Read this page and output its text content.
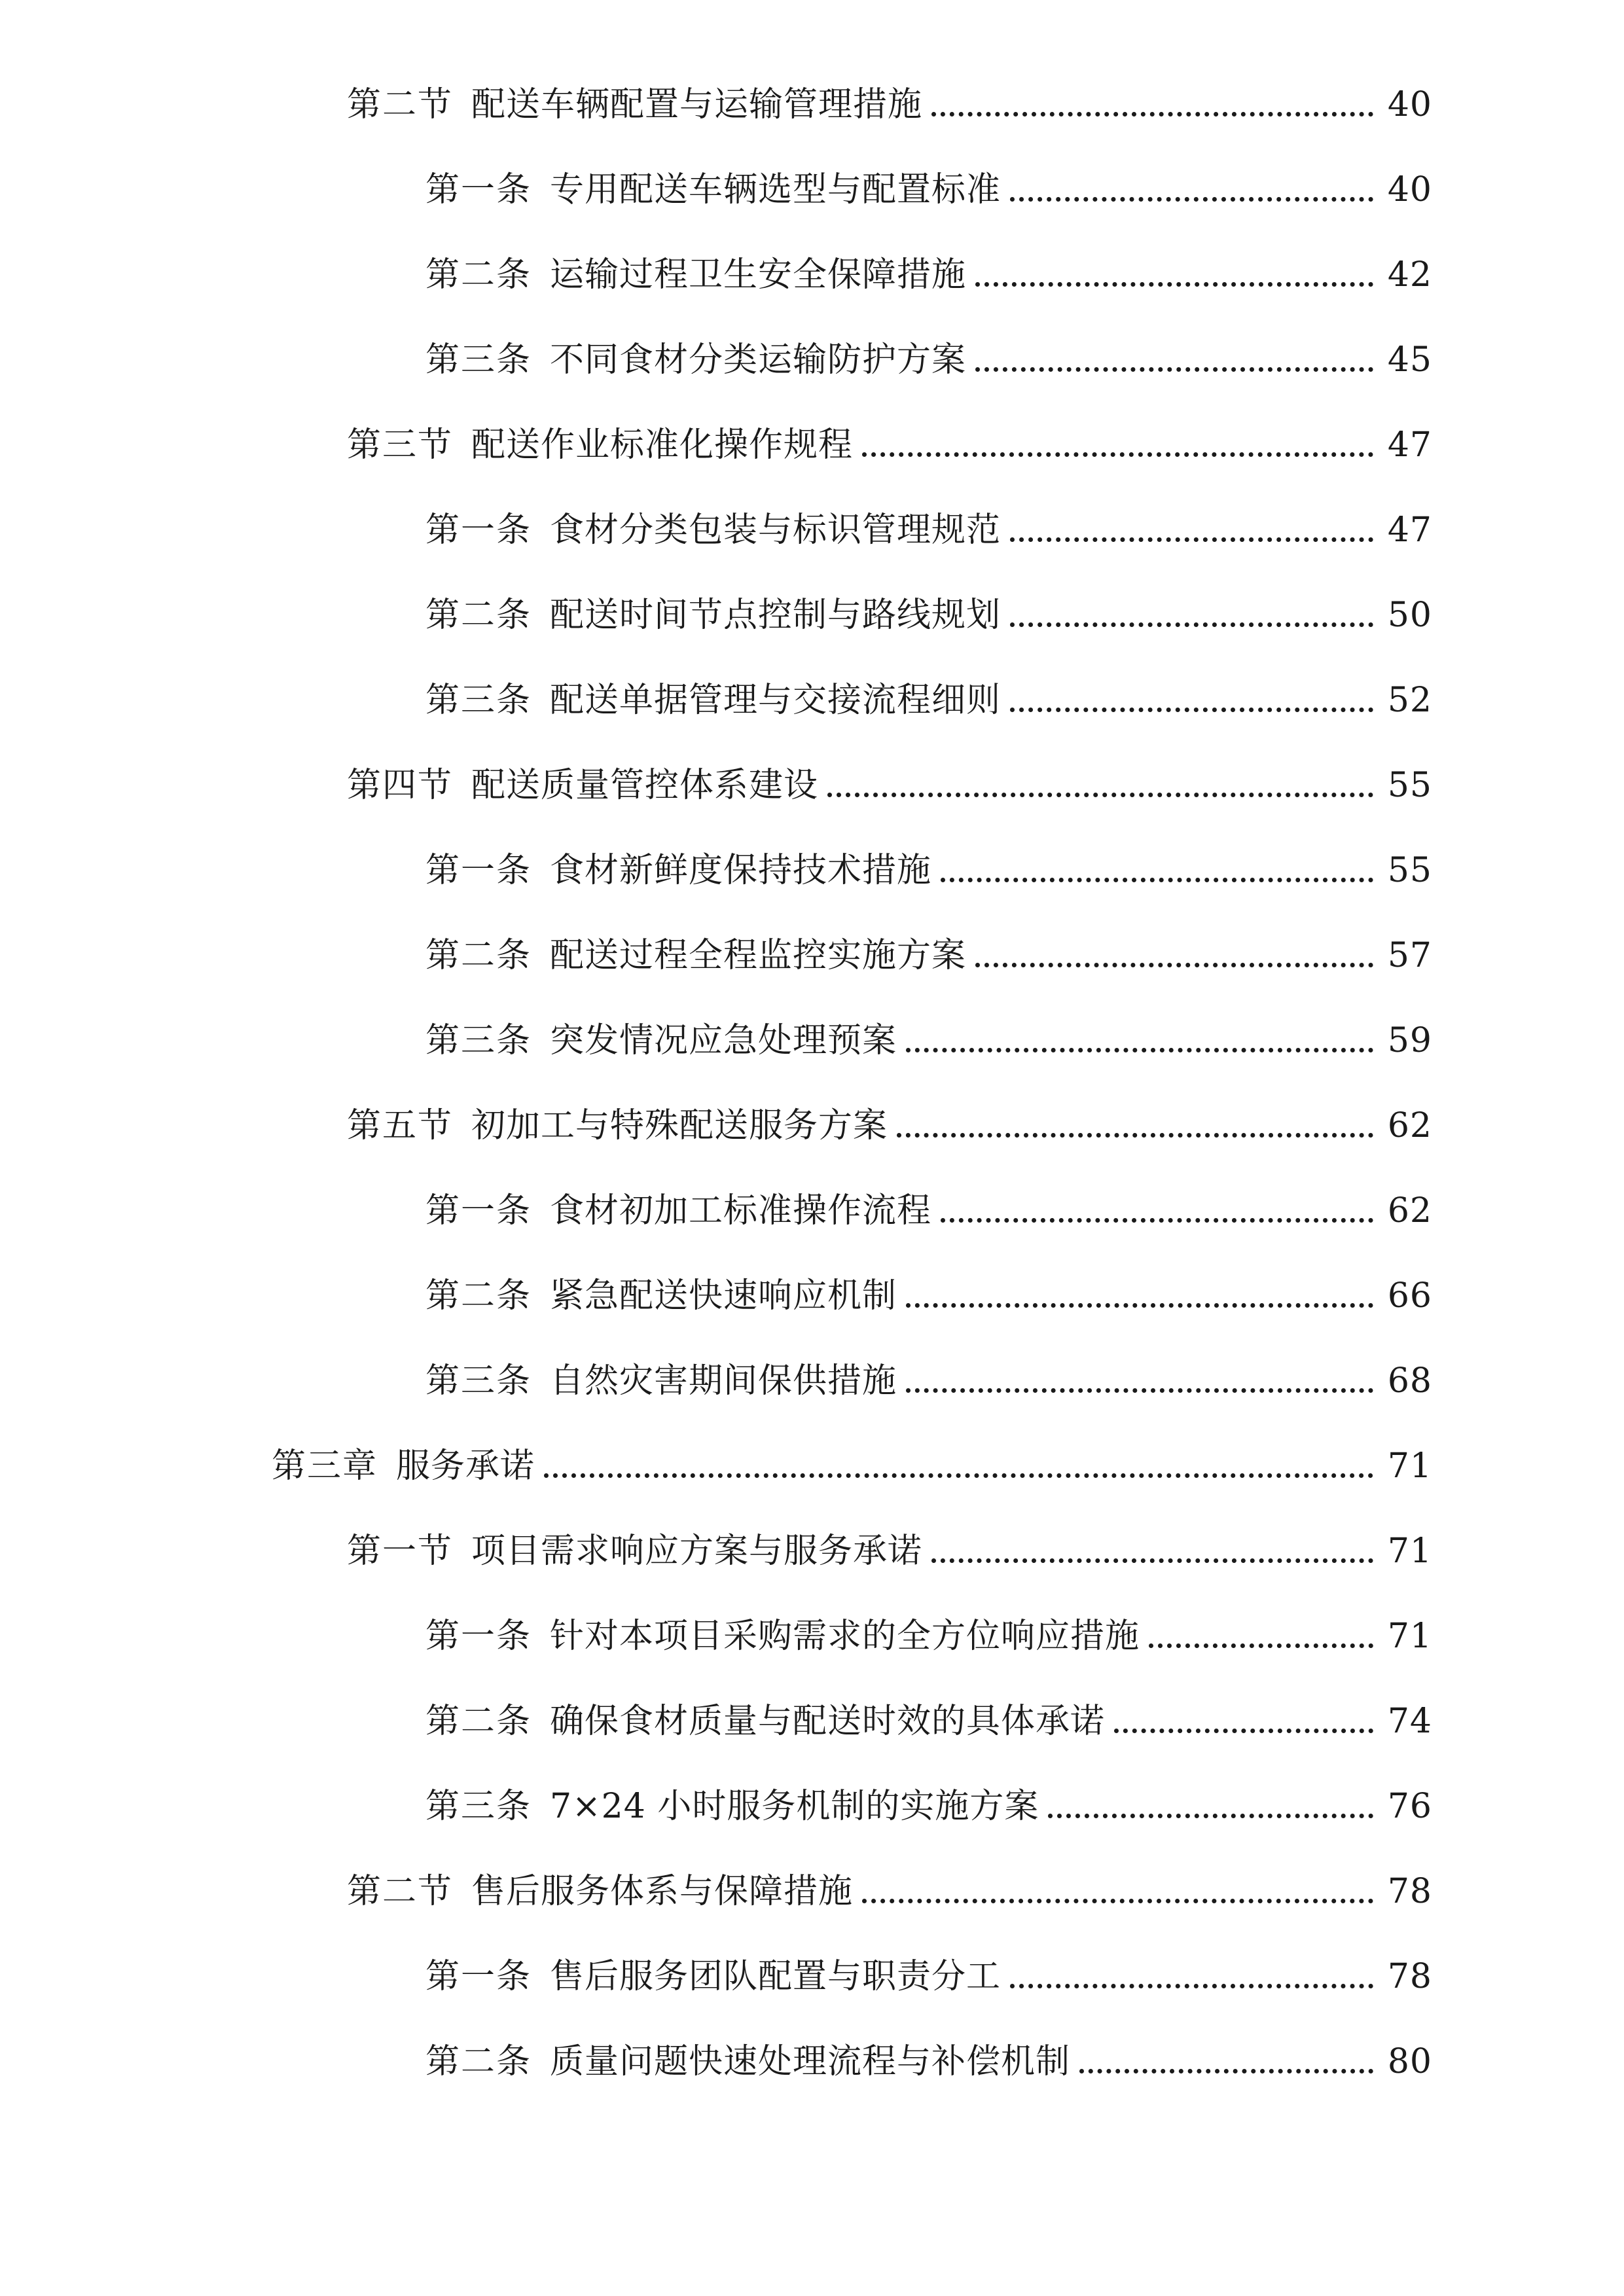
第二节 配送车辆配置与运输管理措施	40
第一条 专用配送车辆选型与配置标准	40
第二条 运输过程卫生安全保障措施	42
第三条 不同食材分类运输防护方案	45
第三节 配送作业标准化操作规程	47
第一条 食材分类包装与标识管理规范	47
第二条 配送时间节点控制与路线规划	50
第三条 配送单据管理与交接流程细则	52
第四节 配送质量管控体系建设	55
第一条 食材新鲜度保持技术措施	55
第二条 配送过程全程监控实施方案	57
第三条 突发情况应急处理预案	59
第五节 初加工与特殊配送服务方案	62
第一条 食材初加工标准操作流程	62
第二条 紧急配送快速响应机制	66
第三条 自然灾害期间保供措施	68
第三章 服务承诺	71
第一节 项目需求响应方案与服务承诺	71
第一条 针对本项目采购需求的全方位响应措施	71
第二条 确保食材质量与配送时效的具体承诺	74
第三条 7×24 小时服务机制的实施方案	76
第二节 售后服务体系与保障措施	78
第一条 售后服务团队配置与职责分工	78
第二条 质量问题快速处理流程与补偿机制	80
